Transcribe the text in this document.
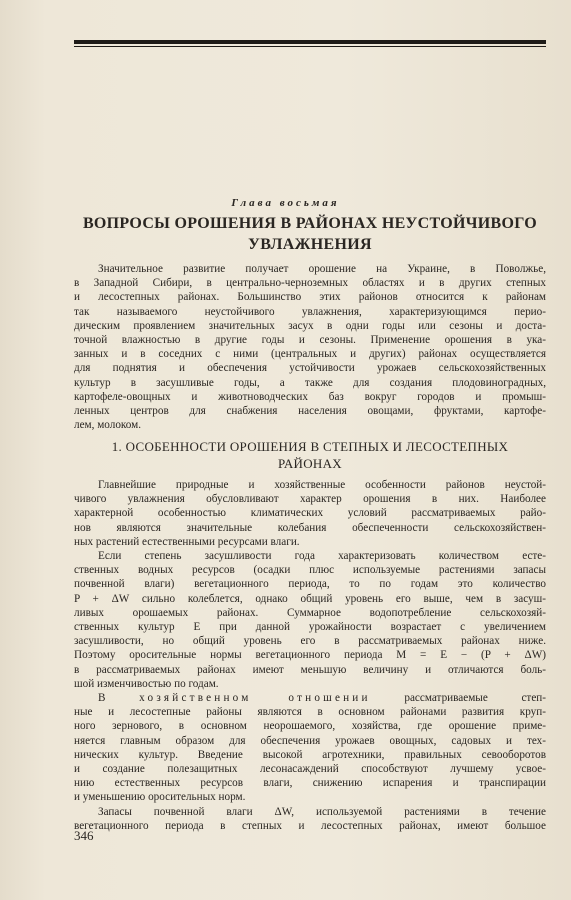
Глава восьмая
ВОПРОСЫ ОРОШЕНИЯ В РАЙОНАХ НЕУСТОЙЧИВОГО
УВЛАЖНЕНИЯ
Значительное развитие получает орошение на Украине, в Поволжье,
в Западной Сибири, в центрально-черноземных областях и в других степных
и лесостепных районах. Большинство этих районов относится к районам
так называемого неустойчивого увлажнения, характеризующимся перио-
дическим проявлением значительных засух в одни годы или сезоны и доста-
точной влажностью в другие годы и сезоны. Применение орошения в ука-
занных и в соседних с ними (центральных и других) районах осуществляется
для поднятия и обеспечения устойчивости урожаев сельскохозяйственных
культур в засушливые годы, а также для создания плодовиноградных,
картофеле-овощных и животноводческих баз вокруг городов и промыш-
ленных центров для снабжения населения овощами, фруктами, картофе-
лем, молоком.
1. ОСОБЕННОСТИ ОРОШЕНИЯ В СТЕПНЫХ И ЛЕСОСТЕПНЫХ
РАЙОНАХ
Главнейшие природные и хозяйственные особенности районов неустой-
чивого увлажнения обусловливают характер орошения в них. Наиболее
характерной особенностью климатических условий рассматриваемых райо-
нов являются значительные колебания обеспеченности сельскохозяйствен-
ных растений естественными ресурсами влаги.
Если степень засушливости года характеризовать количеством есте-
ственных водных ресурсов (осадки плюс используемые растениями запасы
почвенной влаги) вегетационного периода, то по годам это количество
P + ΔW сильно колеблется, однако общий уровень его выше, чем в засуш-
ливых орошаемых районах. Суммарное водопотребление сельскохозяй-
ственных культур E при данной урожайности возрастает с увеличением
засушливости, но общий уровень его в рассматриваемых районах ниже.
Поэтому оросительные нормы вегетационного периода M = E − (P + ΔW)
в рассматриваемых районах имеют меньшую величину и отличаются боль-
шой изменчивостью по годам.
В хозяйственном отношении рассматриваемые степ-
ные и лесостепные районы являются в основном районами развития круп-
ного зернового, в основном неорошаемого, хозяйства, где орошение приме-
няется главным образом для обеспечения урожаев овощных, садовых и тех-
нических культур. Введение высокой агротехники, правильных севооборотов
и создание полезащитных лесонасаждений способствуют лучшему усвое-
нию естественных ресурсов влаги, снижению испарения и транспирации
и уменьшению оросительных норм.
Запасы почвенной влаги ΔW, используемой растениями в течение
вегетационного периода в степных и лесостепных районах, имеют большое
346
